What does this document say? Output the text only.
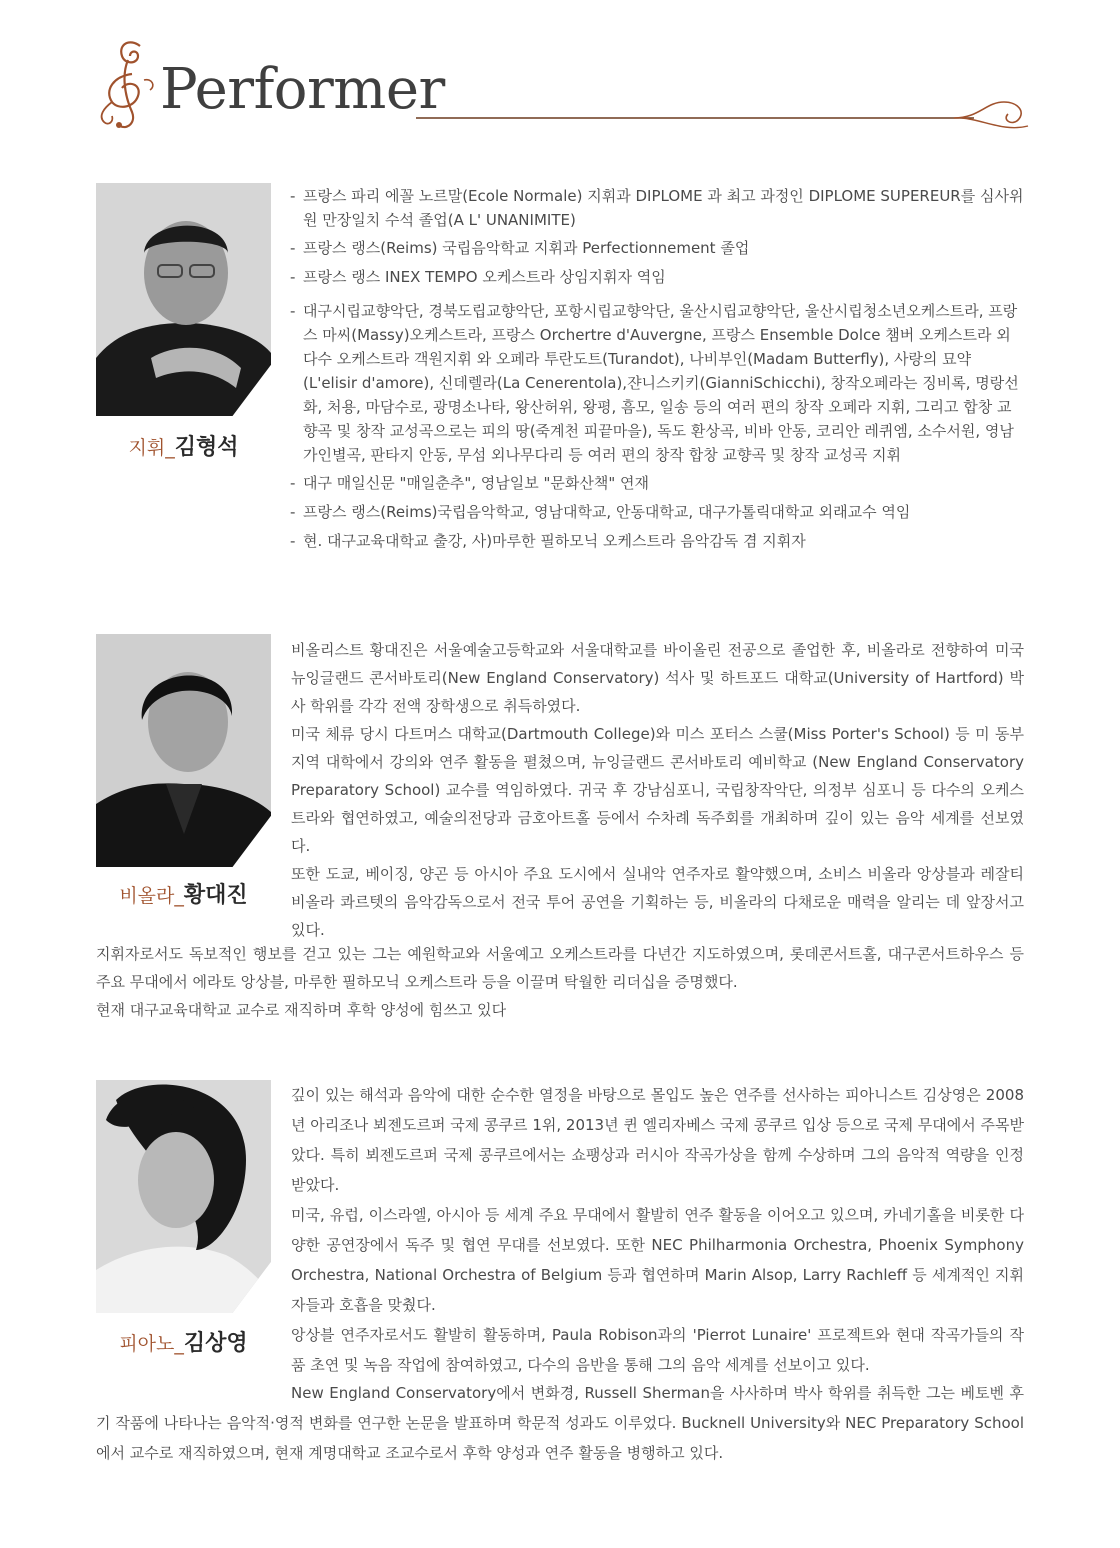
Performer
지휘_김형석
- 프랑스 파리 에꼴 노르말(Ecole Normale) 지휘과 DIPLOME 과 최고 과정인 DIPLOME SUPEREUR를 심사위원 만장일치 수석 졸업(A L' UNANIMITE)
- 프랑스 랭스(Reims) 국립음악학교 지휘과 Perfectionnement 졸업
- 프랑스 랭스 INEX TEMPO 오케스트라 상임지휘자 역임
- 대구시립교향악단, 경북도립교향악단, 포항시립교향악단, 울산시립교향악단, 울산시립청소년오케스트라, 프랑스 마씨(Massy)오케스트라, 프랑스 Orchertre d'Auvergne, 프랑스 Ensemble Dolce 챔버 오케스트라 외 다수 오케스트라 객원지휘 와 오페라 투란도트(Turandot), 나비부인(Madam Butterfly), 사랑의 묘약(L'elisir d'amore), 신데렐라(La Cenerentola),쟌니스키키(GianniSchicchi), 창작오페라는 징비록, 명랑선화, 처용, 마담수로, 광명소나타, 왕산허위, 왕평, 흠모, 일송 등의 여러 편의 창작 오페라 지휘, 그리고 합창 교향곡 및 창작 교성곡으로는 피의 땅(죽계천 피끝마을), 독도 환상곡, 비바 안동, 코리안 레퀴엠, 소수서원, 영남가인별곡, 판타지 안동, 무섬 외나무다리 등 여러 편의 창작 합창 교향곡 및 창작 교성곡 지휘
- 대구 매일신문 "매일춘추", 영남일보 "문화산책" 연재
- 프랑스 랭스(Reims)국립음악학교, 영남대학교, 안동대학교, 대구가톨릭대학교 외래교수 역임
- 현. 대구교육대학교 출강, 사)마루한 필하모닉 오케스트라 음악감독 겸 지휘자
비올라_황대진

비올리스트 황대진은 서울예술고등학교와 서울대학교를 바이올린 전공으로 졸업한 후, 비올라로 전향하여 미국 뉴잉글랜드 콘서바토리(New England Conservatory) 석사 및 하트포드 대학교(University of Hartford) 박사 학위를 각각 전액 장학생으로 취득하였다.

미국 체류 당시 다트머스 대학교(Dartmouth College)와 미스 포터스 스쿨(Miss Porter's School) 등 미 동부 지역 대학에서 강의와 연주 활동을 펼쳤으며, 뉴잉글랜드 콘서바토리 예비학교 (New England Conservatory Preparatory School) 교수를 역임하였다. 귀국 후 강남심포니, 국립창작악단, 의정부 심포니 등 다수의 오케스트라와 협연하였고, 예술의전당과 금호아트홀 등에서 수차례 독주회를 개최하며 깊이 있는 음악 세계를 선보였다.

또한 도쿄, 베이징, 양곤 등 아시아 주요 도시에서 실내악 연주자로 활약했으며, 소비스 비올라 앙상블과 레잘티 비올라 콰르텟의 음악감독으로서 전국 투어 공연을 기획하는 등, 비올라의 다채로운 매력을 알리는 데 앞장서고 있다.

지휘자로서도 독보적인 행보를 걷고 있는 그는 예원학교와 서울예고 오케스트라를 다년간 지도하였으며, 롯데콘서트홀, 대구콘서트하우스 등 주요 무대에서 에라토 앙상블, 마루한 필하모닉 오케스트라 등을 이끌며 탁월한 리더십을 증명했다.

현재 대구교육대학교 교수로 재직하며 후학 양성에 힘쓰고 있다

피아노_김상영

깊이 있는 해석과 음악에 대한 순수한 열정을 바탕으로 몰입도 높은 연주를 선사하는 피아니스트 김상영은 2008년 아리조나 뵈젠도르퍼 국제 콩쿠르 1위, 2013년 퀸 엘리자베스 국제 콩쿠르 입상 등으로 국제 무대에서 주목받았다. 특히 뵈젠도르퍼 국제 콩쿠르에서는 쇼팽상과 러시아 작곡가상을 함께 수상하며 그의 음악적 역량을 인정받았다.

미국, 유럽, 이스라엘, 아시아 등 세계 주요 무대에서 활발히 연주 활동을 이어오고 있으며, 카네기홀을 비롯한 다양한 공연장에서 독주 및 협연 무대를 선보였다. 또한 NEC Philharmonia Orchestra, Phoenix Symphony Orchestra, National Orchestra of Belgium 등과 협연하며 Marin Alsop, Larry Rachleff 등 세계적인 지휘자들과 호흡을 맞췄다.

앙상블 연주자로서도 활발히 활동하며, Paula Robison과의 'Pierrot Lunaire' 프로젝트와 현대 작곡가들의 작품 초연 및 녹음 작업에 참여하였고, 다수의 음반을 통해 그의 음악 세계를 선보이고 있다.

New England Conservatory에서 변화경, Russell Sherman을 사사하며 박사 학위를 취득한 그는 베토벤 후기 작품에 나타나는 음악적·영적 변화를 연구한 논문을 발표하며 학문적 성과도 이루었다. Bucknell University와 NEC Preparatory School에서 교수로 재직하였으며, 현재 계명대학교 조교수로서 후학 양성과 연주 활동을 병행하고 있다.
